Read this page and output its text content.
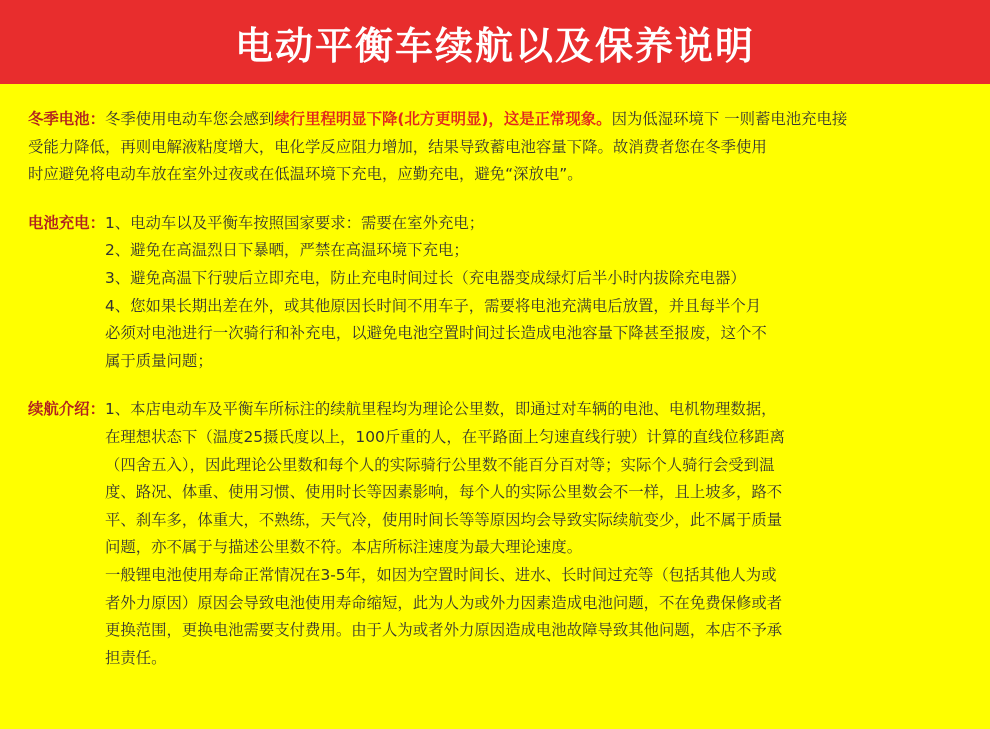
电动平衡车续航以及保养说明
冬季电池： 冬季使用电动车您会感到续行里程明显下降(北方更明显)，这是正常现象。因为低湿环境下 一则蓄电池充电接
受能力降低，再则电解液粘度增大，电化学反应阻力增加，结果导致蓄电池容量下降。故消费者您在冬季使用
时应避免将电动车放在室外过夜或在低温环境下充电，应勤充电，避免“深放电”。
电池充电： 1、电动车以及平衡车按照国家要求：需要在室外充电；
2、避免在高温烈日下暴晒，严禁在高温环境下充电；
3、避免高温下行驶后立即充电，防止充电时间过长（充电器变成绿灯后半小时内拔除充电器）
4、您如果长期出差在外，或其他原因长时间不用车子，需要将电池充满电后放置，并且每半个月
必须对电池进行一次骑行和补充电，以避免电池空置时间过长造成电池容量下降甚至报废，这个不
属于质量问题；
续航介绍： 1、本店电动车及平衡车所标注的续航里程均为理论公里数，即通过对车辆的电池、电机物理数据，
在理想状态下（温度25摄氏度以上，100斤重的人，在平路面上匀速直线行驶）计算的直线位移距离
（四舍五入），因此理论公里数和每个人的实际骑行公里数不能百分百对等；实际个人骑行会受到温
度、路况、体重、使用习惯、使用时长等因素影响，每个人的实际公里数会不一样，且上坡多，路不
平、刹车多，体重大，不熟练，天气冷，使用时间长等等原因均会导致实际续航变少，此不属于质量
问题，亦不属于与描述公里数不符。本店所标注速度为最大理论速度。
一般锂电池使用寿命正常情况在3-5年，如因为空置时间长、进水、长时间过充等（包括其他人为或
者外力原因）原因会导致电池使用寿命缩短，此为人为或外力因素造成电池问题，不在免费保修或者
更换范围，更换电池需要支付费用。由于人为或者外力原因造成电池故障导致其他问题，本店不予承
担责任。
